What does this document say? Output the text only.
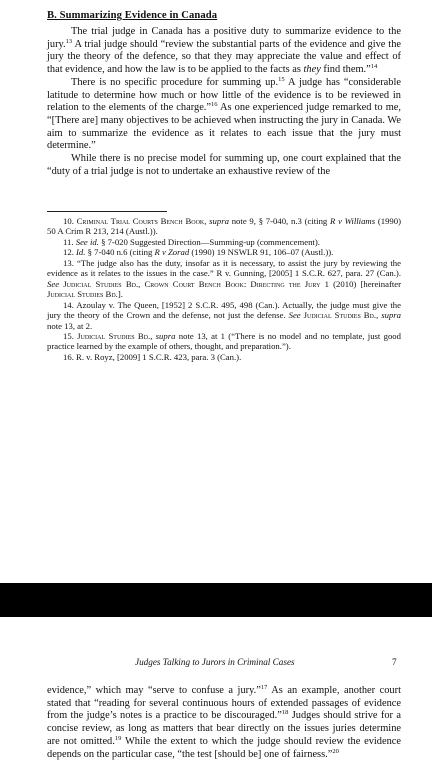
B. Summarizing Evidence in Canada

The trial judge in Canada has a positive duty to summarize evidence to the jury.$^{13}$ A trial judge should “review the substantial parts of the evidence and give the jury the theory of the defence, so that they may appreciate the value and effect of that evidence, and how the law is to be applied to the facts as they find them.”$^{14}$

There is no specific procedure for summing up.$^{15}$ A judge has “considerable latitude to determine how much or how little of the evidence is to be reviewed in relation to the elements of the charge.”$^{16}$ As one experienced judge remarked to me, “[There are] many objectives to be achieved when instructing the jury in Canada. We aim to summarize the evidence as it relates to each issue that the jury must determine.”

While there is no precise model for summing up, one court explained that the “duty of a trial judge is not to undertake an exhaustive review of the

10. Criminal Trial Courts Bench Book, supra note 9, § 7-040, n.3 (citing R v Williams (1990) 50 A Crim R 213, 214 (Austl.)).

11. See id. § 7-020 Suggested Direction—Summing-up (commencement).

12. Id. § 7-040 n.6 (citing R v Zorad (1990) 19 NSWLR 91, 106–07 (Austl.)).

13. “The judge also has the duty, insofar as it is necessary, to assist the jury by reviewing the evidence as it relates to the issues in the case.” R v. Gunning, [2005] 1 S.C.R. 627, para. 27 (Can.). See Judicial Studies Bd., Crown Court Bench Book: Directing the Jury 1 (2010) [hereinafter Judicial Studies Bd.].

14. Azoulay v. The Queen, [1952] 2 S.C.R. 495, 498 (Can.). Actually, the judge must give the jury the theory of the Crown and the defense, not just the defense. See Judicial Studies Bd., supra note 13, at 2.

15. Judicial Studies Bd., supra note 13, at 1 (“There is no model and no template, just good practice learned by the example of others, thought, and preparation.”).

16. R. v. Royz, [2009] 1 S.C.R. 423, para. 3 (Can.).

Judges Talking to Jurors in Criminal Cases	7

evidence,” which may “serve to confuse a jury.”$^{17}$ As an example, another court stated that “reading for several continuous hours of extended passages of evidence from the judge’s notes is a practice to be discouraged.”$^{18}$ Judges should strive for a concise review, as long as matters that bear directly on the issues juries determine are not omitted.$^{19}$ While the extent to which the judge should review the evidence depends on the particular case, “the test [should be] one of fairness.”$^{20}$
